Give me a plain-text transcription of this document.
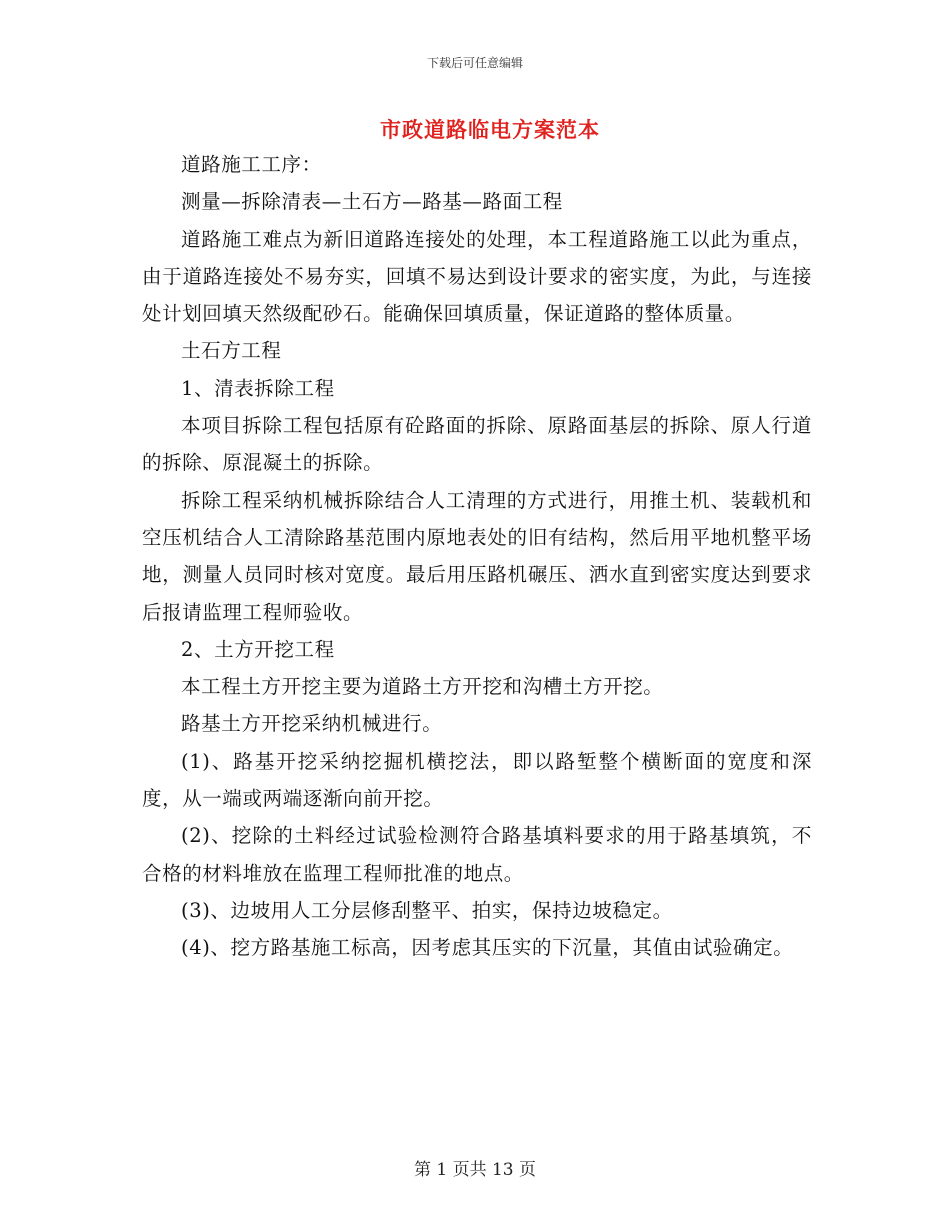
下载后可任意编辑
市政道路临电方案范本

道路施工工序：

测量—拆除清表—土石方—路基—路面工程

道路施工难点为新旧道路连接处的处理，本工程道路施工以此为重点，由于道路连接处不易夯实，回填不易达到设计要求的密实度，为此，与连接处计划回填天然级配砂石。能确保回填质量，保证道路的整体质量。

土石方工程

1、清表拆除工程

本项目拆除工程包括原有砼路面的拆除、原路面基层的拆除、原人行道的拆除、原混凝土的拆除。

拆除工程采纳机械拆除结合人工清理的方式进行，用推土机、装载机和空压机结合人工清除路基范围内原地表处的旧有结构，然后用平地机整平场地，测量人员同时核对宽度。最后用压路机碾压、洒水直到密实度达到要求后报请监理工程师验收。

2、土方开挖工程

本工程土方开挖主要为道路土方开挖和沟槽土方开挖。

路基土方开挖采纳机械进行。

(1)、路基开挖采纳挖掘机横挖法，即以路堑整个横断面的宽度和深度，从一端或两端逐渐向前开挖。

(2)、挖除的土料经过试验检测符合路基填料要求的用于路基填筑，不合格的材料堆放在监理工程师批准的地点。

(3)、边坡用人工分层修刮整平、拍实，保持边坡稳定。

(4)、挖方路基施工标高，因考虑其压实的下沉量，其值由试验确定。

第 1 页共 13 页
